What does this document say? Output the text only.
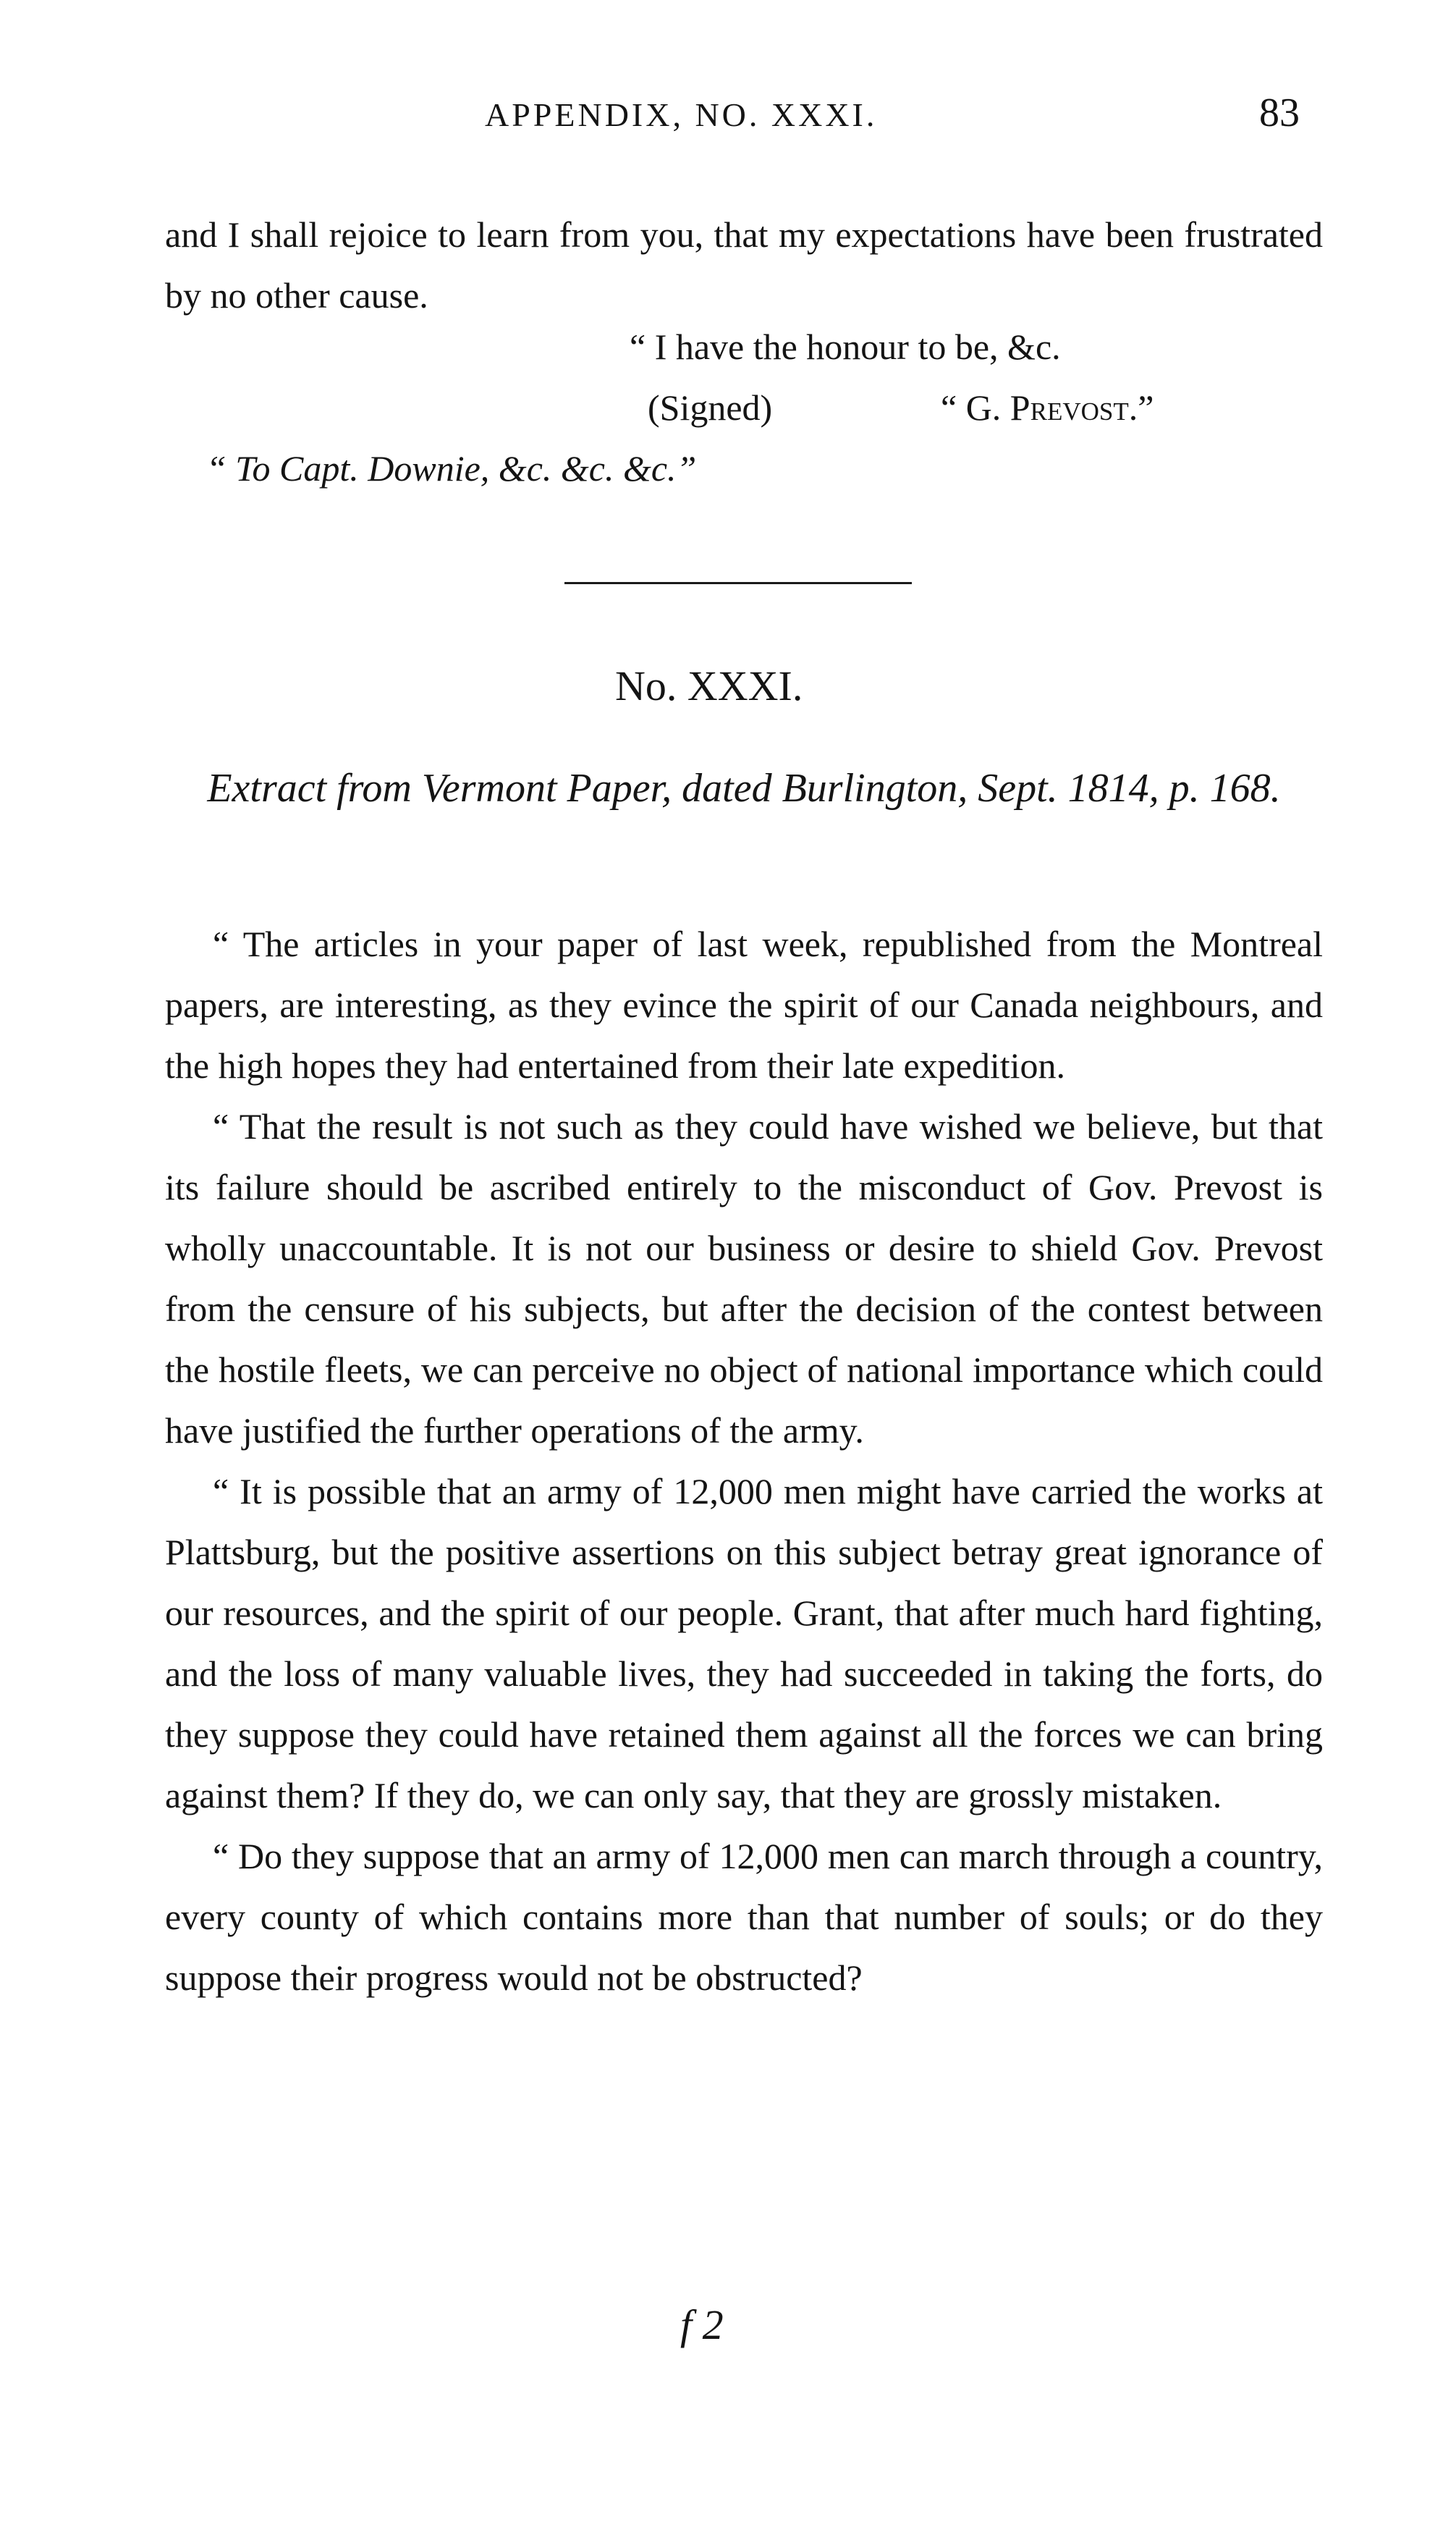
APPENDIX, NO. XXXI.	83

and I shall rejoice to learn from you, that my expectations have been frustrated by no other cause.

“ I have the honour to be, &c.
(Signed)	“ G. Prevost.”
“ To Capt. Downie, &c. &c. &c.”
No. XXXI.
Extract from Vermont Paper, dated Burlington, Sept. 1814, p. 168.

“ The articles in your paper of last week, republished from the Montreal papers, are interesting, as they evince the spirit of our Canada neighbours, and the high hopes they had entertained from their late expedition.

“ That the result is not such as they could have wished we believe, but that its failure should be ascribed entirely to the misconduct of Gov. Prevost is wholly unaccountable. It is not our business or desire to shield Gov. Prevost from the censure of his subjects, but after the decision of the contest between the hostile fleets, we can perceive no object of national importance which could have justified the further operations of the army.

“ It is possible that an army of 12,000 men might have carried the works at Plattsburg, but the positive assertions on this subject betray great ignorance of our resources, and the spirit of our people. Grant, that after much hard fighting, and the loss of many valuable lives, they had succeeded in taking the forts, do they suppose they could have retained them against all the forces we can bring against them? If they do, we can only say, that they are grossly mistaken.

“ Do they suppose that an army of 12,000 men can march through a country, every county of which contains more than that number of souls; or do they suppose their progress would not be obstructed?

f 2
